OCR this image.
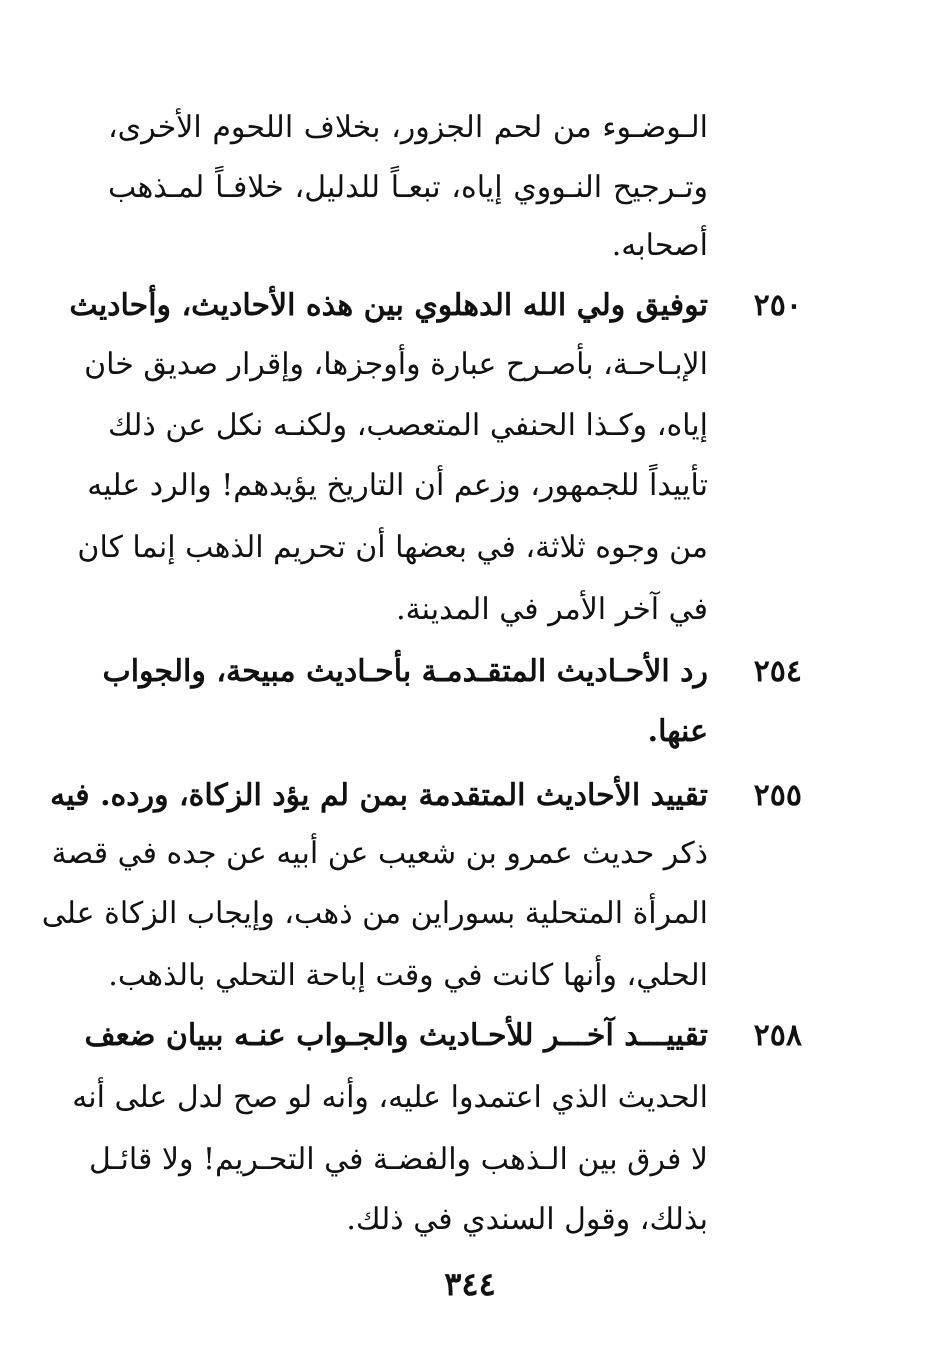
الـوضـوء من لحم الجزور، بخلاف اللحوم الأخرى،
وتـرجيح النـووي إياه، تبعـاً للدليل، خلافـاً لمـذهب
أصحابه.
٢٥٠
توفيق ولي الله الدهلوي بين هذه الأحاديث، وأحاديث
الإبـاحـة، بأصـرح عبارة وأوجزها، وإقرار صديق خان
إياه، وكـذا الحنفي المتعصب، ولكنـه نكل عن ذلك
تأييداً للجمهور، وزعم أن التاريخ يؤيدهم! والرد عليه
من وجوه ثلاثة، في بعضها أن تحريم الذهب إنما كان
في آخر الأمر في المدينة.
٢٥٤
رد الأحـاديث المتقـدمـة بأحـاديث مبيحة، والجواب
عنها.
٢٥٥
تقييد الأحاديث المتقدمة بمن لم يؤد الزكاة، ورده. فيه
ذكر حديث عمرو بن شعيب عن أبيه عن جده في قصة
المرأة المتحلية بسوراين من ذهب، وإيجاب الزكاة على
الحلي، وأنها كانت في وقت إباحة التحلي بالذهب.
٢٥٨
تقييـــد آخـــر للأحـاديث والجـواب عنـه ببيان ضعف
الحديث الذي اعتمدوا عليه، وأنه لو صح لدل على أنه
لا فرق بين الـذهب والفضـة في التحـريم! ولا قائـل
بذلك، وقول السندي في ذلك.
٣٤٤
